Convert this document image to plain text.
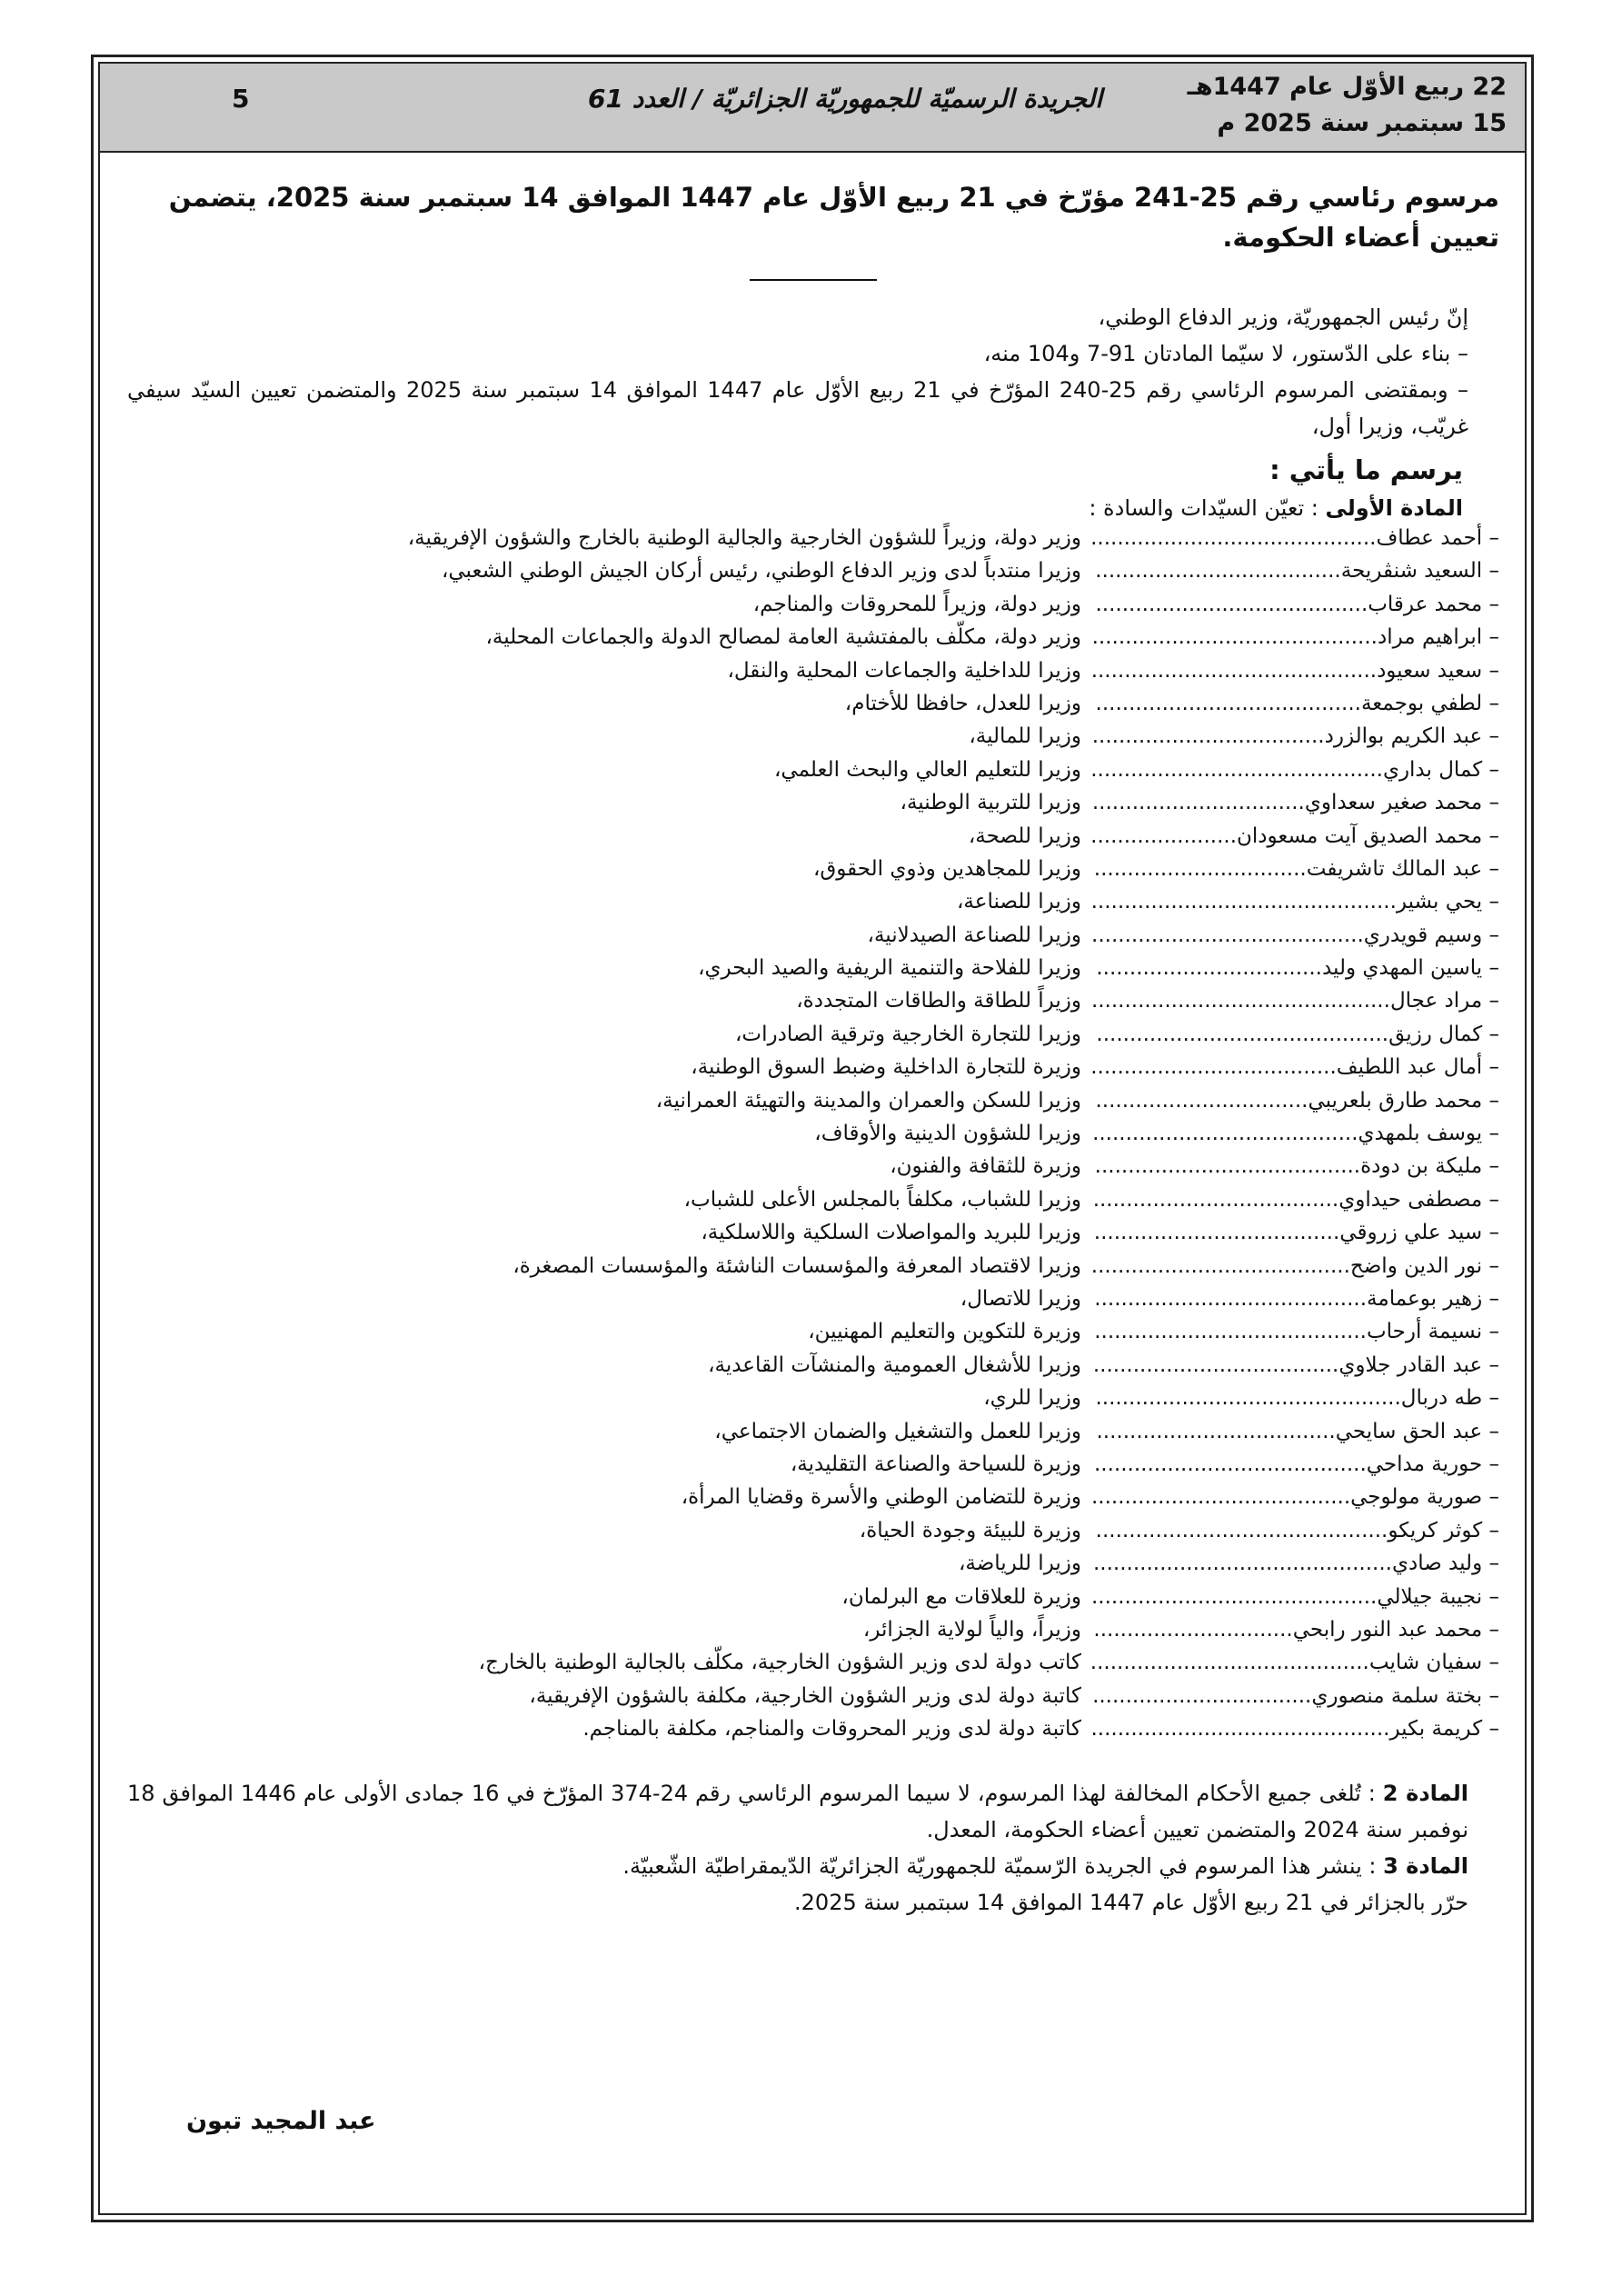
22 ربيع الأوّل عام 1447هـ
15 سبتمبر سنة 2025 م
الجريدة الرسميّة للجمهوريّة الجزائريّة / العدد 61
5

مرسوم رئاسي رقم 25-241 مؤرّخ في 21 ربيع الأوّل عام 1447 الموافق 14 سبتمبر سنة 2025، يتضمن تعيين أعضاء الحكومة.

إنّ رئيس الجمهوريّة، وزير الدفاع الوطني،

– بناء على الدّستور، لا سيّما المادتان 91-7 و104 منه،

– وبمقتضى المرسوم الرئاسي رقم 25-240 المؤرّخ في 21 ربيع الأوّل عام 1447 الموافق 14 سبتمبر سنة 2025 والمتضمن تعيين السيّد سيفي غريّب، وزيرا أول،

يرسم ما يأتي :

المادة الأولى : تعيّن السيّدات والسادة :

– أحمد عطاف...........................................
وزير دولة، وزيراً للشؤون الخارجية والجالية الوطنية بالخارج والشؤون الإفريقية،
– السعيد شنڤريحة.....................................
وزيرا منتدباً لدى وزير الدفاع الوطني، رئيس أركان الجيش الوطني الشعبي،
– محمد عرقاب.........................................
وزير دولة، وزيراً للمحروقات والمناجم،
– ابراهيم مراد...........................................
وزير دولة، مكلّف بالمفتشية العامة لمصالح الدولة والجماعات المحلية،
– سعيد سعيود...........................................
وزيرا للداخلية والجماعات المحلية والنقل،
– لطفي بوجمعة........................................
وزيرا للعدل، حافظا للأختام،
– عبد الكريم بوالزرد...................................
وزيرا للمالية،
– كمال بداري............................................
وزيرا للتعليم العالي والبحث العلمي،
– محمد صغير سعداوي................................
وزيرا للتربية الوطنية،
– محمد الصديق آيت مسعودان......................
وزيرا للصحة،
– عبد المالك تاشريفت................................
وزيرا للمجاهدين وذوي الحقوق،
– يحي بشير..............................................
وزيرا للصناعة،
– وسيم قويدري.........................................
وزيرا للصناعة الصيدلانية،
– ياسين المهدي وليد..................................
وزيرا للفلاحة والتنمية الريفية والصيد البحري،
– مراد عجال.............................................
وزيراً للطاقة والطاقات المتجددة،
– كمال رزيق............................................
وزيرا للتجارة الخارجية وترقية الصادرات،
– أمال عبد اللطيف.....................................
وزيرة للتجارة الداخلية وضبط السوق الوطنية،
– محمد طارق بلعريبي................................
وزيرا للسكن والعمران والمدينة والتهيئة العمرانية،
– يوسف بلمهدي........................................
وزيرا للشؤون الدينية والأوقاف،
– مليكة بن دودة........................................
وزيرة للثقافة والفنون،
– مصطفى حيداوي.....................................
وزيرا للشباب، مكلفاً بالمجلس الأعلى للشباب،
– سيد علي زروقي.....................................
وزيرا للبريد والمواصلات السلكية واللاسلكية،
– نور الدين واضح.......................................
وزيرا لاقتصاد المعرفة والمؤسسات الناشئة والمؤسسات المصغرة،
– زهير بوعمامة.........................................
وزيرا للاتصال،
– نسيمة أرحاب.........................................
وزيرة للتكوين والتعليم المهنيين،
– عبد القادر جلاوي.....................................
وزيرا للأشغال العمومية والمنشآت القاعدية،
– طه دربال..............................................
وزيرا للري،
– عبد الحق سايحي....................................
وزيرا للعمل والتشغيل والضمان الاجتماعي،
– حورية مداحي.........................................
وزيرة للسياحة والصناعة التقليدية،
– صورية مولوجي.......................................
وزيرة للتضامن الوطني والأسرة وقضايا المرأة،
– كوثر كريكو............................................
وزيرة للبيئة وجودة الحياة،
– وليد صادي.............................................
وزيرا للرياضة،
– نجيبة جيلالي...........................................
وزيرة للعلاقات مع البرلمان،
– محمد عبد النور رابحي..............................
وزيراً، والياً لولاية الجزائر،
– سفيان شايب..........................................
كاتب دولة لدى وزير الشؤون الخارجية، مكلّف بالجالية الوطنية بالخارج،
– بختة سلمة منصوري.................................
كاتبة دولة لدى وزير الشؤون الخارجية، مكلفة بالشؤون الإفريقية،
– كريمة بكير.............................................
كاتبة دولة لدى وزير المحروقات والمناجم، مكلفة بالمناجم.

المادة 2 : تُلغى جميع الأحكام المخالفة لهذا المرسوم، لا سيما المرسوم الرئاسي رقم 24-374 المؤرّخ في 16 جمادى الأولى عام 1446 الموافق 18 نوفمبر سنة 2024 والمتضمن تعيين أعضاء الحكومة، المعدل.

المادة 3 : ينشر هذا المرسوم في الجريدة الرّسميّة للجمهوريّة الجزائريّة الدّيمقراطيّة الشّعبيّة.

حرّر بالجزائر في 21 ربيع الأوّل عام 1447 الموافق 14 سبتمبر سنة 2025.

عبد المجيد تبون
